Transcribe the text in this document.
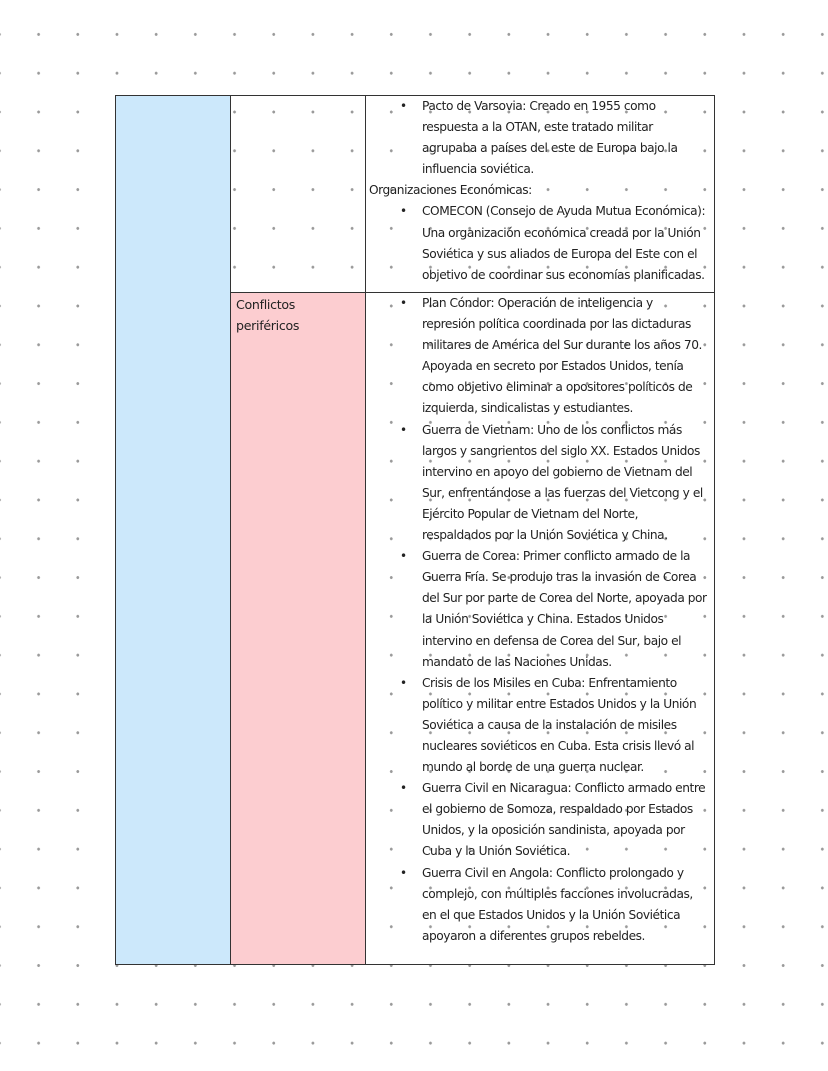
• Pacto de Varsovia: Creado en 1955 como respuesta a la OTAN, este tratado militar agrupaba a países del este de Europa bajo la influencia soviética.
Organizaciones Económicas:
• COMECON (Consejo de Ayuda Mutua Económica): Una organización económica creada por la Unión Soviética y sus aliados de Europa del Este con el objetivo de coordinar sus economías planificadas.
Conflictos periféricos
• Plan Cóndor: Operación de inteligencia y represión política coordinada por las dictaduras militares de América del Sur durante los años 70. Apoyada en secreto por Estados Unidos, tenía como objetivo eliminar a opositores políticos de izquierda, sindicalistas y estudiantes.
• Guerra de Vietnam: Uno de los conflictos más largos y sangrientos del siglo XX. Estados Unidos intervino en apoyo del gobierno de Vietnam del Sur, enfrentándose a las fuerzas del Vietcong y el Ejército Popular de Vietnam del Norte, respaldados por la Unión Soviética y China.
• Guerra de Corea: Primer conflicto armado de la Guerra Fría. Se produjo tras la invasión de Corea del Sur por parte de Corea del Norte, apoyada por la Unión Soviética y China. Estados Unidos intervino en defensa de Corea del Sur, bajo el mandato de las Naciones Unidas.
• Crisis de los Misiles en Cuba: Enfrentamiento político y militar entre Estados Unidos y la Unión Soviética a causa de la instalación de misiles nucleares soviéticos en Cuba. Esta crisis llevó al mundo al borde de una guerra nuclear.
• Guerra Civil en Nicaragua: Conflicto armado entre el gobierno de Somoza, respaldado por Estados Unidos, y la oposición sandinista, apoyada por Cuba y la Unión Soviética.
• Guerra Civil en Angola: Conflicto prolongado y complejo, con múltiples facciones involucradas, en el que Estados Unidos y la Unión Soviética apoyaron a diferentes grupos rebeldes.
